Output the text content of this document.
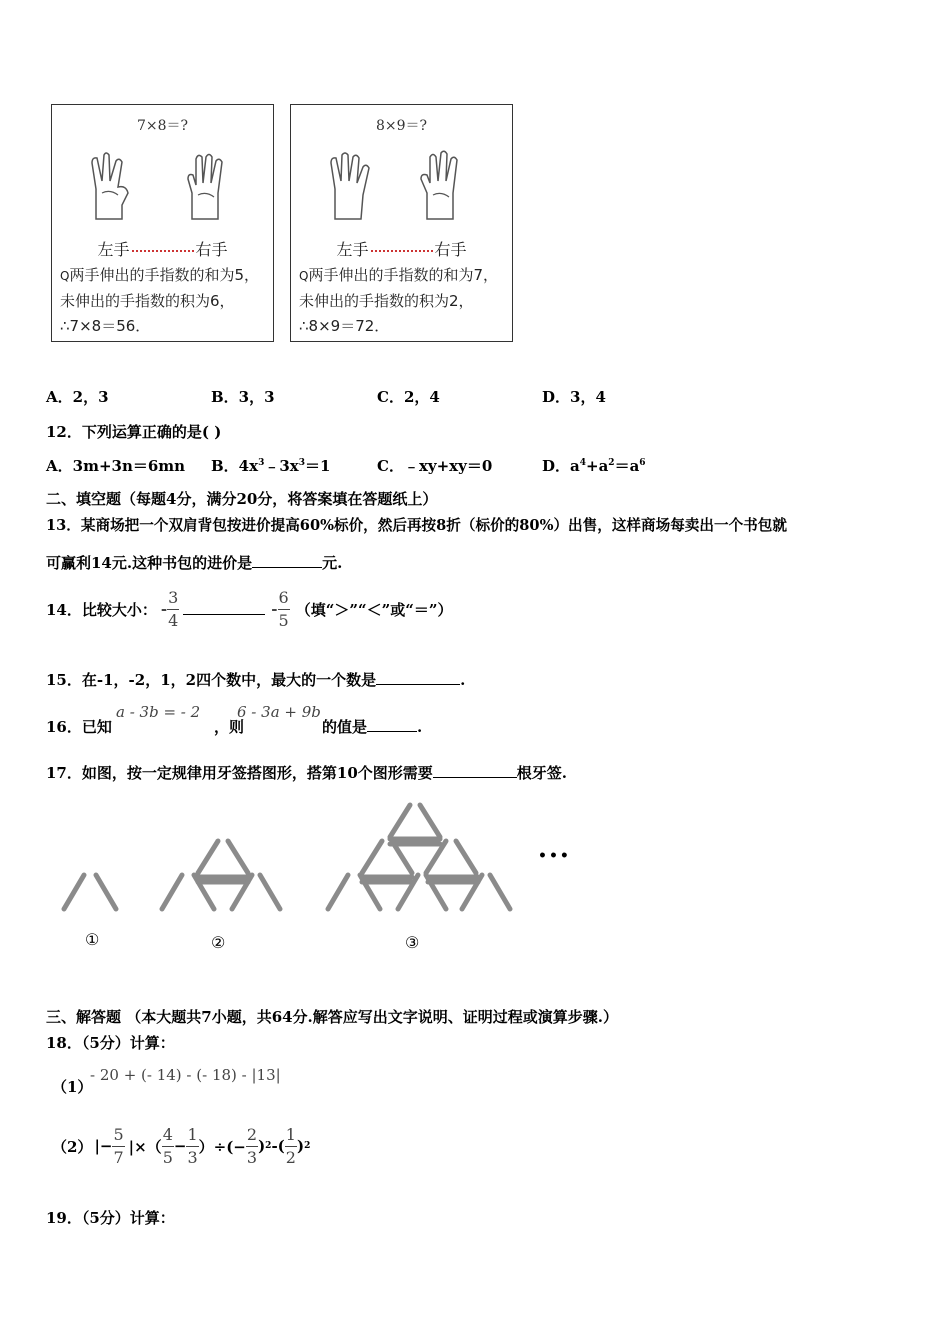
7×8＝?
左手	右手
Q两手伸出的手指数的和为5，未伸出的手指数的积为6，∴7×8＝56．
8×9＝?
左手	右手
Q两手伸出的手指数的和为7，未伸出的手指数的积为2，∴8×9＝72．
A．2，3	B．3，3	C．2，4	D．3，4
12．下列运算正确的是( )
A．3m+3n＝6mn B．$4x^3﹣3x^3=1$	C．﹣xy+xy＝0	D．$a^4+a^2=a^6$
二、填空题（每题4分，满分20分，将答案填在答题纸上）
13．某商场把一个双肩背包按进价提高60%标价，然后再按8折（标价的80%）出售，这样商场每卖出一个书包就
可赢利14元.这种书包的进价是	元.
14．比较大小： - $\frac{3}{4}$	- $\frac{6}{5}$ （填“＞”“＜”或“＝”）
15．在-1，-2，1，2四个数中，最大的一个数是	.
16．已知
a - 3b = - 2
，则
6 - 3a + 9b
的值是	.
17．如图，按一定规律用牙签搭图形，搭第10个图形需要	根牙签.
①	②	③
•••
三、解答题 （本大题共7小题，共64分.解答应写出文字说明、证明过程或演算步骤.）
18．（5分）计算：
（1）
- 20 + (- 14) - (- 18) - |13|
（2） |− $\frac{5}{7}$ |×（ $\frac{4}{5} - \frac{1}{3}$ ）÷(− $\frac{2}{3}$ ) 2 -( $\frac{1}{2}$ ) 2
19．（5分）计算：
